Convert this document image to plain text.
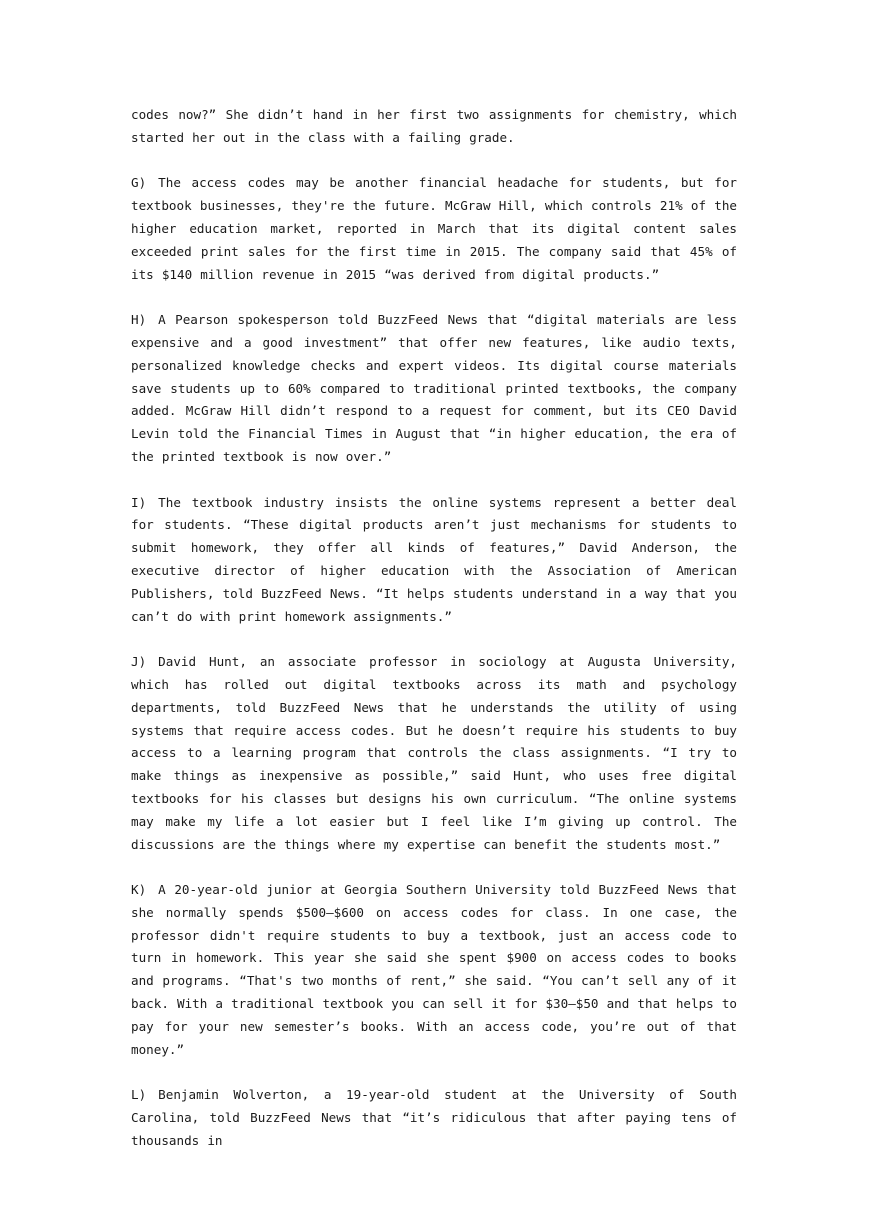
codes now?” She didn’t hand in her first two assignments for chemistry, which started her out in the class with a failing grade.

G) The access codes may be another financial headache for students, but for textbook businesses, they're the future. McGraw Hill, which controls 21% of the higher education market, reported in March that its digital content sales exceeded print sales for the first time in 2015. The company said that 45% of its $140 million revenue in 2015 “was derived from digital products.”

H) A Pearson spokesperson told BuzzFeed News that “digital materials are less expensive and a good investment” that offer new features, like audio texts, personalized knowledge checks and expert videos. Its digital course materials save students up to 60% compared to traditional printed textbooks, the company added. McGraw Hill didn’t respond to a request for comment, but its CEO David Levin told the Financial Times in August that “in higher education, the era of the printed textbook is now over.”

I) The textbook industry insists the online systems represent a better deal for students. “These digital products aren’t just mechanisms for students to submit homework, they offer all kinds of features,” David Anderson, the executive director of higher education with the Association of American Publishers, told BuzzFeed News. “It helps students understand in a way that you can’t do with print homework assignments.”

J) David Hunt, an associate professor in sociology at Augusta University, which has rolled out digital textbooks across its math and psychology departments, told BuzzFeed News that he understands the utility of using systems that require access codes. But he doesn’t require his students to buy access to a learning program that controls the class assignments. “I try to make things as inexpensive as possible,” said Hunt, who uses free digital textbooks for his classes but designs his own curriculum. “The online systems may make my life a lot easier but I feel like I’m giving up control. The discussions are the things where my expertise can benefit the students most.”

K) A 20-year-old junior at Georgia Southern University told BuzzFeed News that she normally spends $500–$600 on access codes for class. In one case, the professor didn't require students to buy a textbook, just an access code to turn in homework. This year she said she spent $900 on access codes to books and programs. “That's two months of rent,” she said. “You can’t sell any of it back. With a traditional textbook you can sell it for $30–$50 and that helps to pay for your new semester’s books. With an access code, you’re out of that money.”

L) Benjamin Wolverton, a 19-year-old student at the University of South Carolina, told BuzzFeed News that “it’s ridiculous that after paying tens of thousands in
